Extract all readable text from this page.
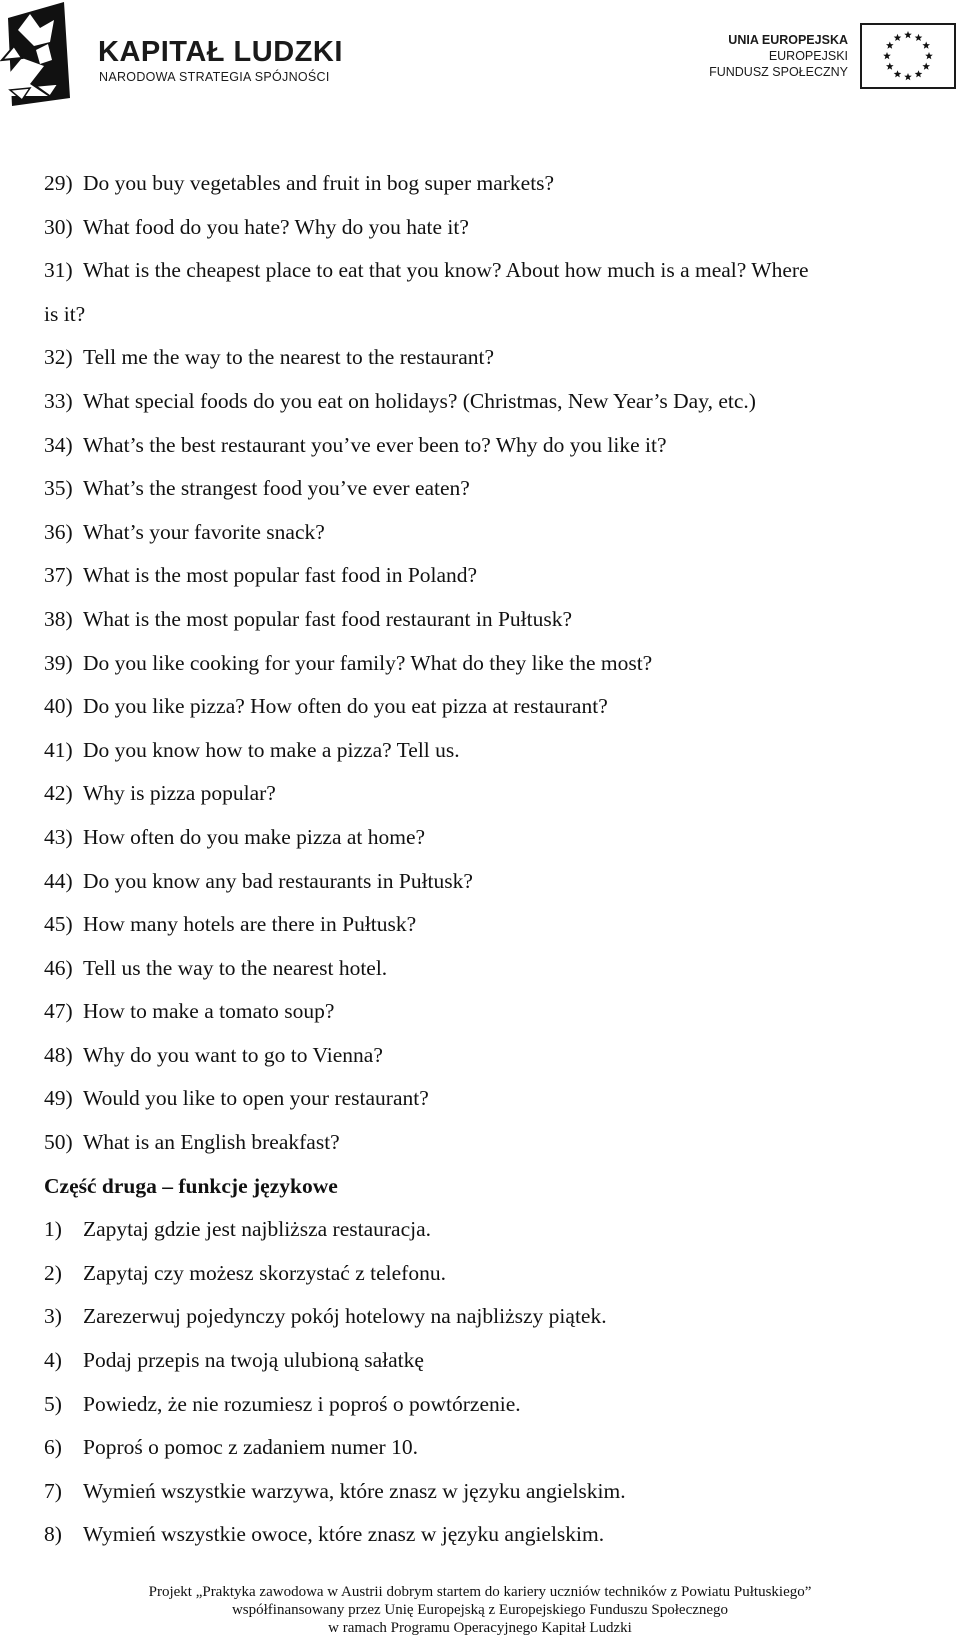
KAPITAŁ LUDZKI
NARODOWA STRATEGIA SPÓJNOŚCI
UNIA EUROPEJSKA
EUROPEJSKI
FUNDUSZ SPOŁECZNY
29) Do you buy vegetables and fruit in bog super markets?
30) What food do you hate? Why do you hate it?
31) What is the cheapest place to eat that you know? About how much is a meal? Where
is it?
32) Tell me the way to the nearest to the restaurant?
33) What special foods do you eat on holidays? (Christmas, New Year’s Day, etc.)
34) What’s the best restaurant you’ve ever been to? Why do you like it?
35) What’s the strangest food you’ve ever eaten?
36) What’s your favorite snack?
37) What is the most popular fast food in Poland?
38) What is the most popular fast food restaurant in Pułtusk?
39) Do you like cooking for your family? What do they like the most?
40) Do you like pizza? How often do you eat pizza at restaurant?
41) Do you know how to make a pizza? Tell us.
42) Why is pizza popular?
43) How often do you make pizza at home?
44) Do you know any bad restaurants in Pułtusk?
45) How many hotels are there in Pułtusk?
46) Tell us the way to the nearest hotel.
47) How to make a tomato soup?
48) Why do you want to go to Vienna?
49) Would you like to open your restaurant?
50) What is an English breakfast?
Część druga – funkcje językowe
1) Zapytaj gdzie jest najbliższa restauracja.
2) Zapytaj czy możesz skorzystać z telefonu.
3) Zarezerwuj pojedynczy pokój hotelowy na najbliższy piątek.
4) Podaj przepis na twoją ulubioną sałatkę
5) Powiedz, że nie rozumiesz i poproś o powtórzenie.
6) Poproś o pomoc z zadaniem numer 10.
7) Wymień wszystkie warzywa, które znasz w języku angielskim.
8) Wymień wszystkie owoce, które znasz w języku angielskim.
Projekt „Praktyka zawodowa w Austrii dobrym startem do kariery uczniów techników z Powiatu Pułtuskiego”
współfinansowany przez Unię Europejską z Europejskiego Funduszu Społecznego
w ramach Programu Operacyjnego Kapitał Ludzki
